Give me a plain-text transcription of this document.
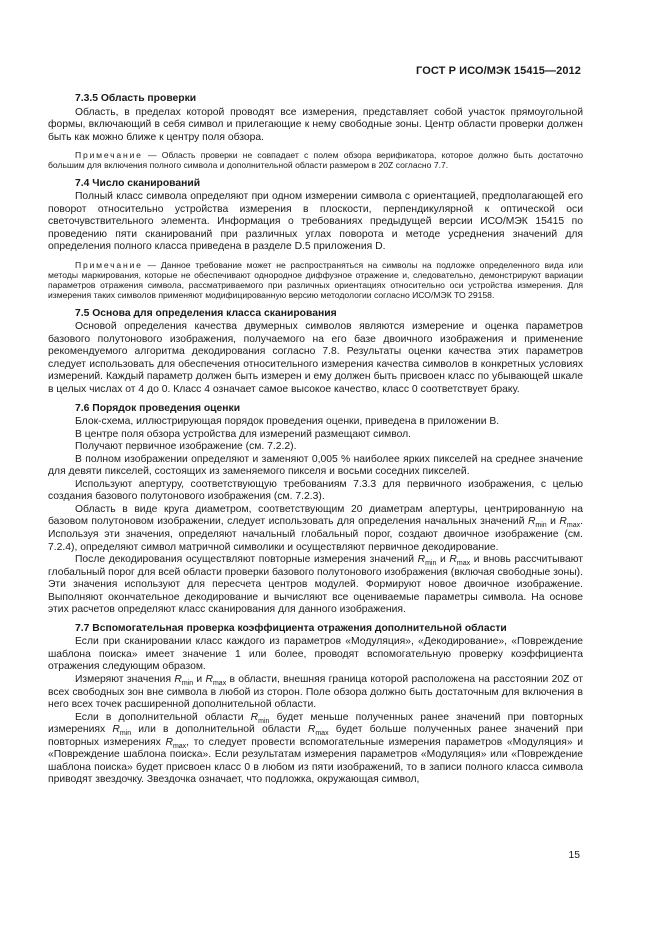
ГОСТ Р ИСО/МЭК 15415—2012
7.3.5 Область проверки

Область, в пределах которой проводят все измерения, представляет собой участок прямоугольной формы, включающий в себя символ и прилегающие к нему свободные зоны. Центр области проверки должен быть как можно ближе к центру поля обзора.

Примечание — Область проверки не совпадает с полем обзора верификатора, которое должно быть достаточно большим для включения полного символа и дополнительной области размером в 20Z согласно 7.7.

7.4 Число сканирований

Полный класс символа определяют при одном измерении символа с ориентацией, предполагающей его поворот относительно устройства измерения в плоскости, перпендикулярной к оптической оси светочувствительного элемента. Информация о требованиях предыдущей версии ИСО/МЭК 15415 по проведению пяти сканирований при различных углах поворота и методе усреднения значений для определения полного класса приведена в разделе D.5 приложения D.

Примечание — Данное требование может не распространяться на символы на подложке определенного вида или методы маркирования, которые не обеспечивают однородное диффузное отражение и, следовательно, демонстрируют вариации параметров отражения символа, рассматриваемого при различных ориентациях относительно оси устройства измерения. Для измерения таких символов применяют модифицированную версию методологии согласно ИСО/МЭК ТО 29158.

7.5 Основа для определения класса сканирования

Основой определения качества двумерных символов являются измерение и оценка параметров базового полутонового изображения, получаемого на его базе двоичного изображения и применение рекомендуемого алгоритма декодирования согласно 7.8. Результаты оценки качества этих параметров следует использовать для обеспечения относительного измерения качества символов в конкретных условиях измерений. Каждый параметр должен быть измерен и ему должен быть присвоен класс по убывающей шкале в целых числах от 4 до 0. Класс 4 означает самое высокое качество, класс 0 соответствует браку.

7.6 Порядок проведения оценки

Блок-схема, иллюстрирующая порядок проведения оценки, приведена в приложении В.

В центре поля обзора устройства для измерений размещают символ.

Получают первичное изображение (см. 7.2.2).

В полном изображении определяют и заменяют 0,005 % наиболее ярких пикселей на среднее значение для девяти пикселей, состоящих из заменяемого пикселя и восьми соседних пикселей.

Используют апертуру, соответствующую требованиям 7.3.3 для первичного изображения, с целью создания базового полутонового изображения (см. 7.2.3).

Область в виде круга диаметром, соответствующим 20 диаметрам апертуры, центрированную на базовом полутоновом изображении, следует использовать для определения начальных значений $R_{min}$ и $R_{max}$. Используя эти значения, определяют начальный глобальный порог, создают двоичное изображение (см. 7.2.4), определяют символ матричной символики и осуществляют первичное декодирование.

После декодирования осуществляют повторные измерения значений $R_{min}$ и $R_{max}$ и вновь рассчитывают глобальный порог для всей области проверки базового полутонового изображения (включая свободные зоны). Эти значения используют для пересчета центров модулей. Формируют новое двоичное изображение. Выполняют окончательное декодирование и вычисляют все оцениваемые параметры символа. На основе этих расчетов определяют класс сканирования для данного изображения.

7.7 Вспомогательная проверка коэффициента отражения дополнительной области

Если при сканировании класс каждого из параметров «Модуляция», «Декодирование», «Повреждение шаблона поиска» имеет значение 1 или более, проводят вспомогательную проверку коэффициента отражения следующим образом.

Измеряют значения $R_{min}$ и $R_{max}$ в области, внешняя граница которой расположена на расстоянии 20Z от всех свободных зон вне символа в любой из сторон. Поле обзора должно быть достаточным для включения в него всех точек расширенной дополнительной области.

Если в дополнительной области $R_{min}$ будет меньше полученных ранее значений при повторных измерениях $R_{min}$ или в дополнительной области $R_{max}$ будет больше полученных ранее значений при повторных измерениях $R_{max}$, то следует провести вспомогательные измерения параметров «Модуляция» и «Повреждение шаблона поиска». Если результатам измерения параметров «Модуляция» или «Повреждение шаблона поиска» будет присвоен класс 0 в любом из пяти изображений, то в записи полного класса символа приводят звездочку. Звездочка означает, что подложка, окружающая символ,

15
